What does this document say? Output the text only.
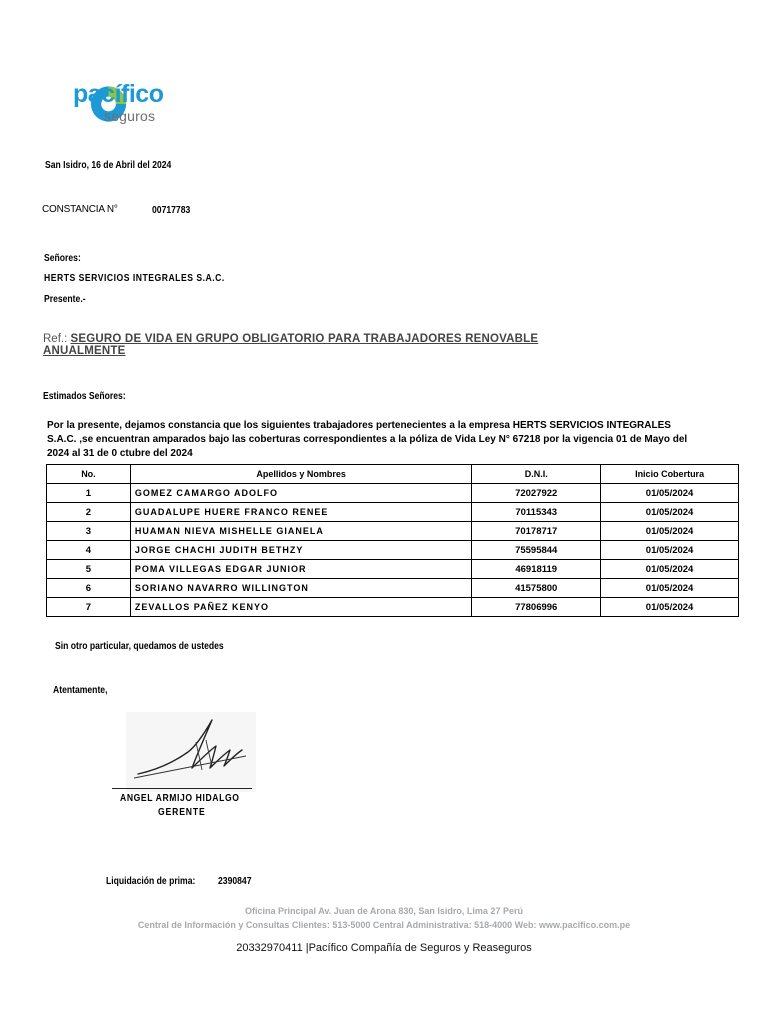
pacífico
seguros
San Isidro, 16 de Abril del 2024
CONSTANCIA N°	00717783
Señores:
HERTS SERVICIOS INTEGRALES S.A.C.
Presente.-
Ref.: SEGURO DE VIDA EN GRUPO OBLIGATORIO PARA TRABAJADORES RENOVABLE ANUALMENTE
Estimados Señores:
Por la presente, dejamos constancia que los siguientes trabajadores pertenecientes a la empresa HERTS SERVICIOS INTEGRALES S.A.C. ,se encuentran amparados bajo las coberturas correspondientes a la póliza de Vida Ley N° 67218 por la vigencia 01 de Mayo del 2024 al 31 de 0 ctubre del 2024
No.	Apellidos y Nombres	D.N.I.	Inicio Cobertura
1	GOMEZ CAMARGO ADOLFO	72027922	01/05/2024
2	GUADALUPE HUERE FRANCO RENEE	70115343	01/05/2024
3	HUAMAN NIEVA MISHELLE GIANELA	70178717	01/05/2024
4	JORGE CHACHI JUDITH BETHZY	75595844	01/05/2024
5	POMA VILLEGAS EDGAR JUNIOR	46918119	01/05/2024
6	SORIANO NAVARRO WILLINGTON	41575800	01/05/2024
7	ZEVALLOS PAÑEZ KENYO	77806996	01/05/2024
Sin otro particular, quedamos de ustedes
Atentamente,
ANGEL ARMIJO HIDALGO
GERENTE
Liquidación de prima:	2390847
Oficina Principal Av. Juan de Arona 830, San Isidro, Lima 27 Perú
Central de Información y Consultas Clientes: 513-5000 Central Administrativa: 518-4000 Web: www.pacifico.com.pe
20332970411 |Pacífico Compañía de Seguros y Reaseguros
